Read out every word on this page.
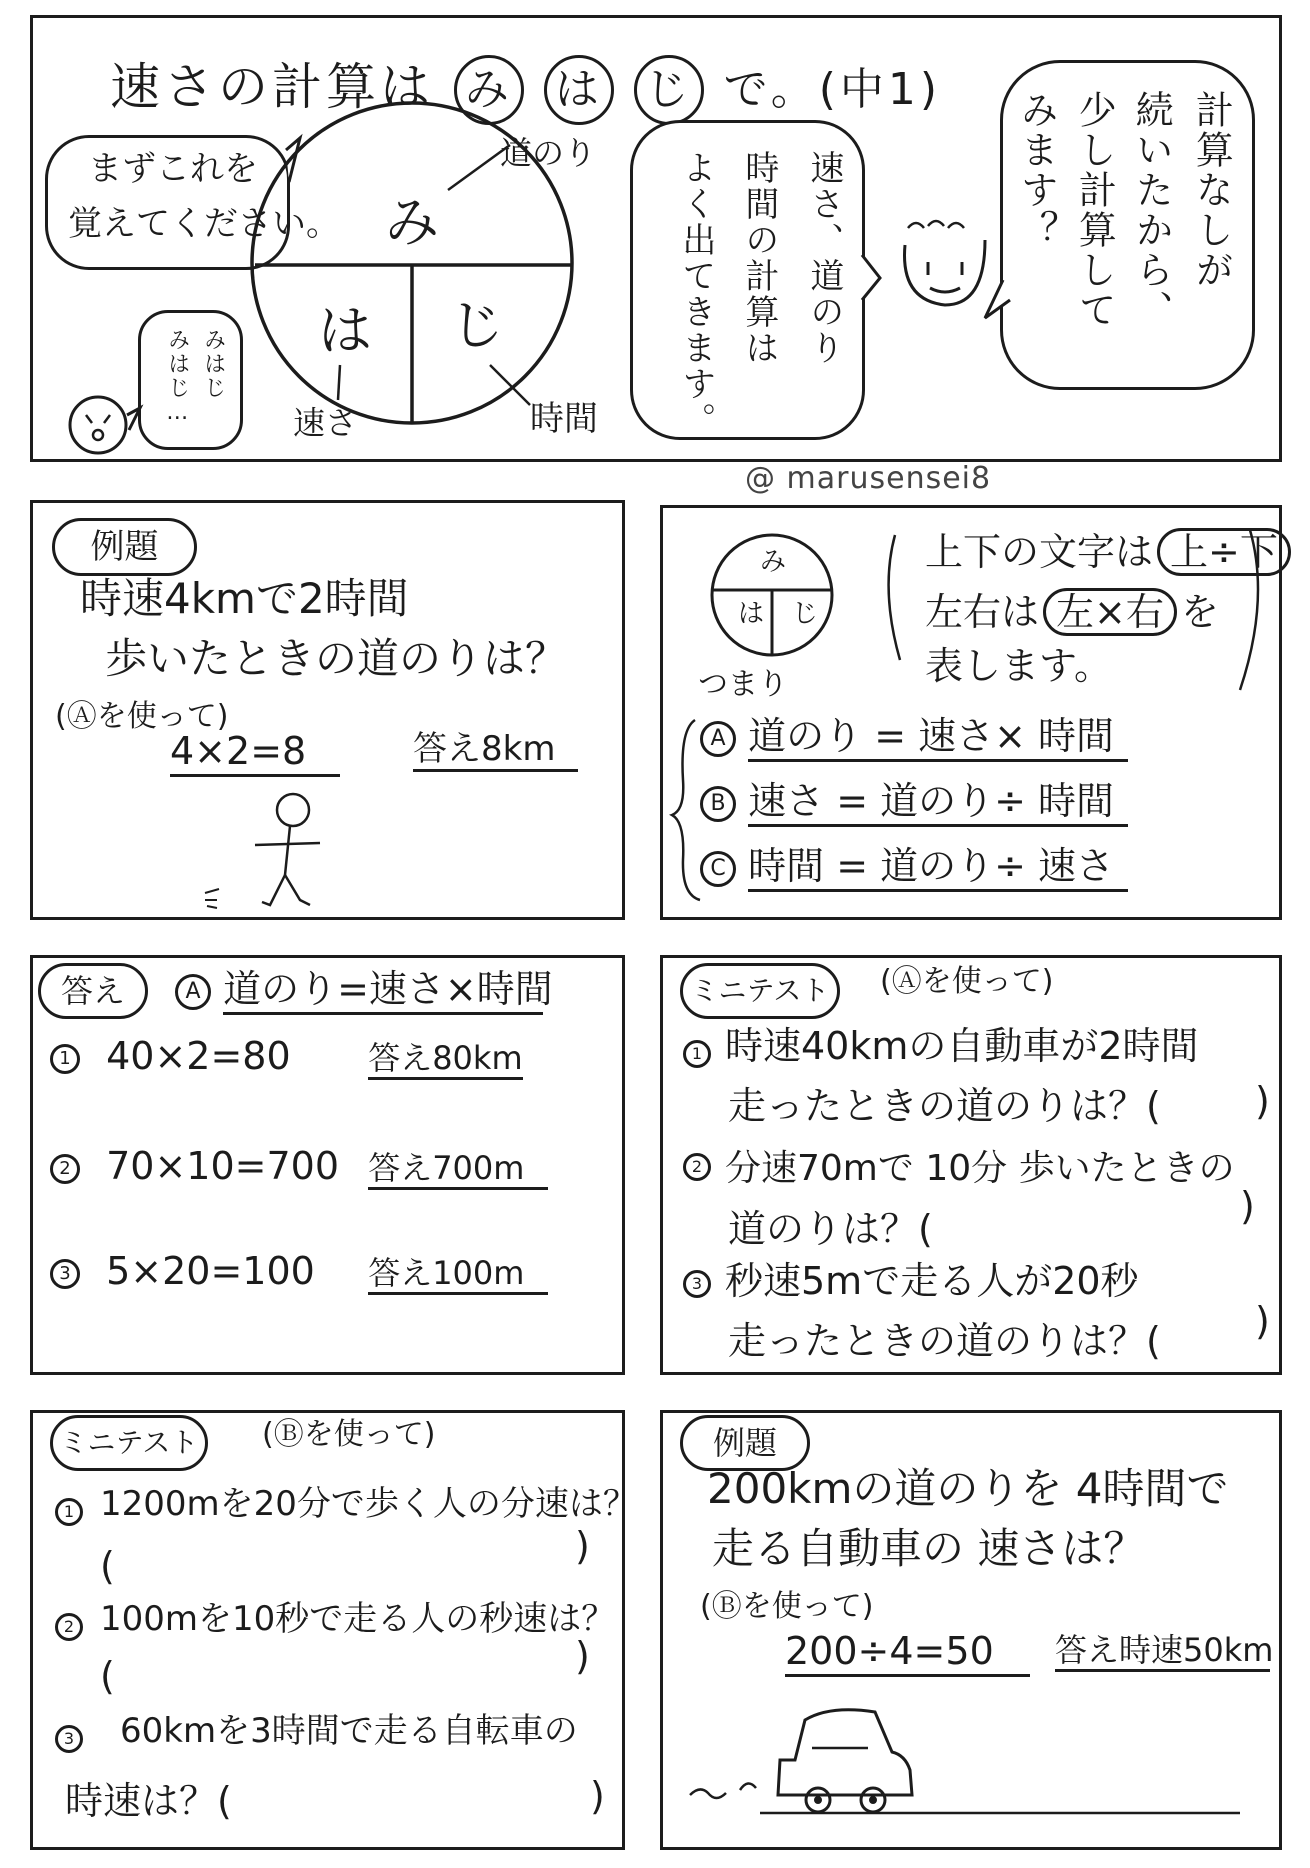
速さの計算は み は じ で。(中1)
まずこれを
覚えてください。
みはじ
みはじ…
み
は じ
道のり
速さ	時間
速さ、道のり
時間の計算は
よく出てきます。	計算なしが
続いたから、
少し計算して
みます？
@ marusensei8
例題
時速4kmで2時間
歩いたときの道のりは？
(Ⓐを使って)
4×2=8	答え8km
み
は じ
つまり
上下の文字は 上÷下
左右は 左×右 を
表します。
A 道のり = 速さ× 時間
B 速さ = 道のり÷ 時間
C 時間 = 道のり÷ 速さ
答え	A 道のり=速さ×時間
1 40×2=80 答え80km
2 70×10=700 答え700m
3 5×20=100 答え100m
ミニテスト	(Ⓐを使って)
1 時速40kmの自動車が2時間
走ったときの道のりは？( )
2 分速70mで 10分 歩いたときの
道のりは？(
)
3 秒速5mで走る人が20秒
走ったときの道のりは？( )
ミニテスト	(Ⓑを使って)
1 1200mを20分で歩く人の分速は？
(	)
2 100mを10秒で走る人の秒速は？
(	)
3 60kmを3時間で走る自転車の
時速は？(	)
例題
200kmの道のりを 4時間で
走る自動車の 速さは？
(Ⓑを使って)
200÷4=50	答え時速50km
